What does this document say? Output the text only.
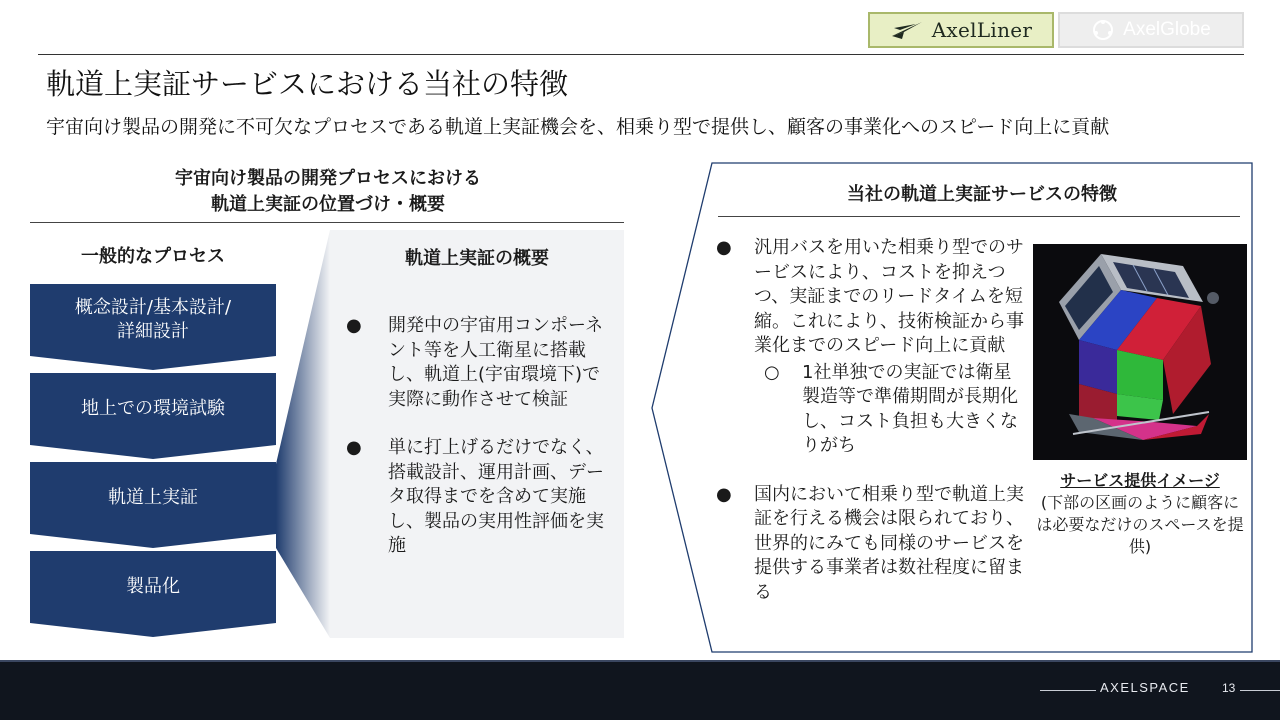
AxelLiner	AxelGlobe
軌道上実証サービスにおける当社の特徴
宇宙向け製品の開発に不可欠なプロセスである軌道上実証機会を、相乗り型で提供し、顧客の事業化へのスピード向上に貢献
宇宙向け製品の開発プロセスにおける
軌道上実証の位置づけ・概要
一般的なプロセス
概念設計/基本設計/
詳細設計
地上での環境試験
軌道上実証
製品化
軌道上実証の概要
● 開発中の宇宙用コンポーネント等を人工衛星に搭載し、軌道上(宇宙環境下)で実際に動作させて検証
● 単に打上げるだけでなく、搭載設計、運用計画、データ取得までを含めて実施し、製品の実用性評価を実施
当社の軌道上実証サービスの特徴
● 汎用バスを用いた相乗り型でのサービスにより、コストを抑えつつ、実証までのリードタイムを短縮。これにより、技術検証から事業化までのスピード向上に貢献
○ 1社単独での実証では衛星製造等で準備期間が長期化し、コスト負担も大きくなりがち
● 国内において相乗り型で軌道上実証を行える機会は限られており、世界的にみても同様のサービスを提供する事業者は数社程度に留まる
サービス提供イメージ
(下部の区画のように顧客には必要なだけのスペースを提供)
AXELSPACE	13
